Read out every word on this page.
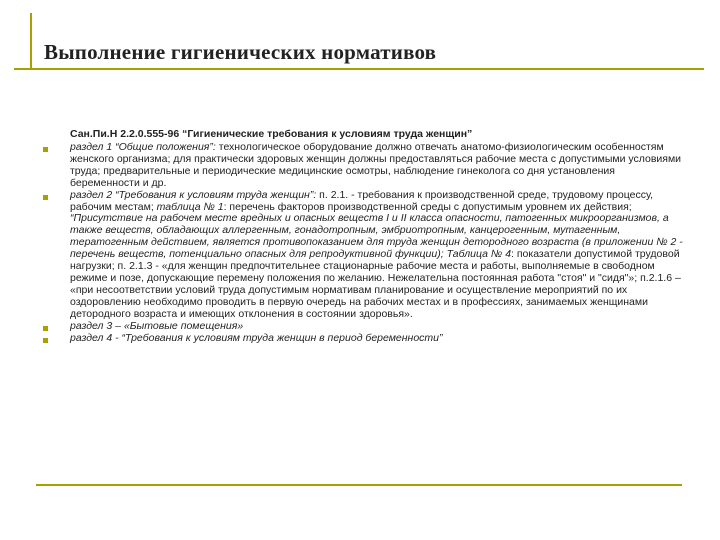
Выполнение гигиенических нормативов
Сан.Пи.Н 2.2.0.555-96 “Гигиенические требования к условиям труда женщин”
раздел 1 “Общие положения”: технологическое оборудование должно отвечать анатомо-физиологическим особенностям женского организма; для практически здоровых женщин должны предоставляться рабочие места с допустимыми условиями труда; предварительные и периодические медицинские осмотры, наблюдение гинеколога со дня установления беременности и др.
раздел 2 “Требования к условиям труда женщин”: п. 2.1. - требования к производственной среде, трудовому процессу, рабочим местам; таблица № 1: перечень факторов производственной среды с допустимым уровнем их действия; “Присутствие на рабочем месте вредных и опасных веществ I и II класса опасности, патогенных микроорганизмов, а также веществ, обладающих аллергенным, гонадотропным, эмбриотропным, канцерогенным, мутагенным, тератогенным действием, является противопоказанием для труда женщин детородного возраста (в приложении № 2 - перечень веществ, потенциально опасных для репродуктивной функции); Таблица № 4: показатели допустимой трудовой нагрузки; п. 2.1.3 - «для женщин предпочтительнее стационарные рабочие места и работы, выполняемые в свободном режиме и позе, допускающие перемену положения по желанию. Нежелательна постоянная работа "стоя" и "сидя"»; п.2.1.6 – «при несоответствии условий труда допустимым нормативам планирование и осуществление мероприятий по их оздоровлению необходимо проводить в первую очередь на рабочих местах и в профессиях, занимаемых женщинами детородного возраста и имеющих отклонения в состоянии здоровья».
раздел 3 – «Бытовые помещения»
раздел 4 - “Требования к условиям труда женщин в период беременности”
